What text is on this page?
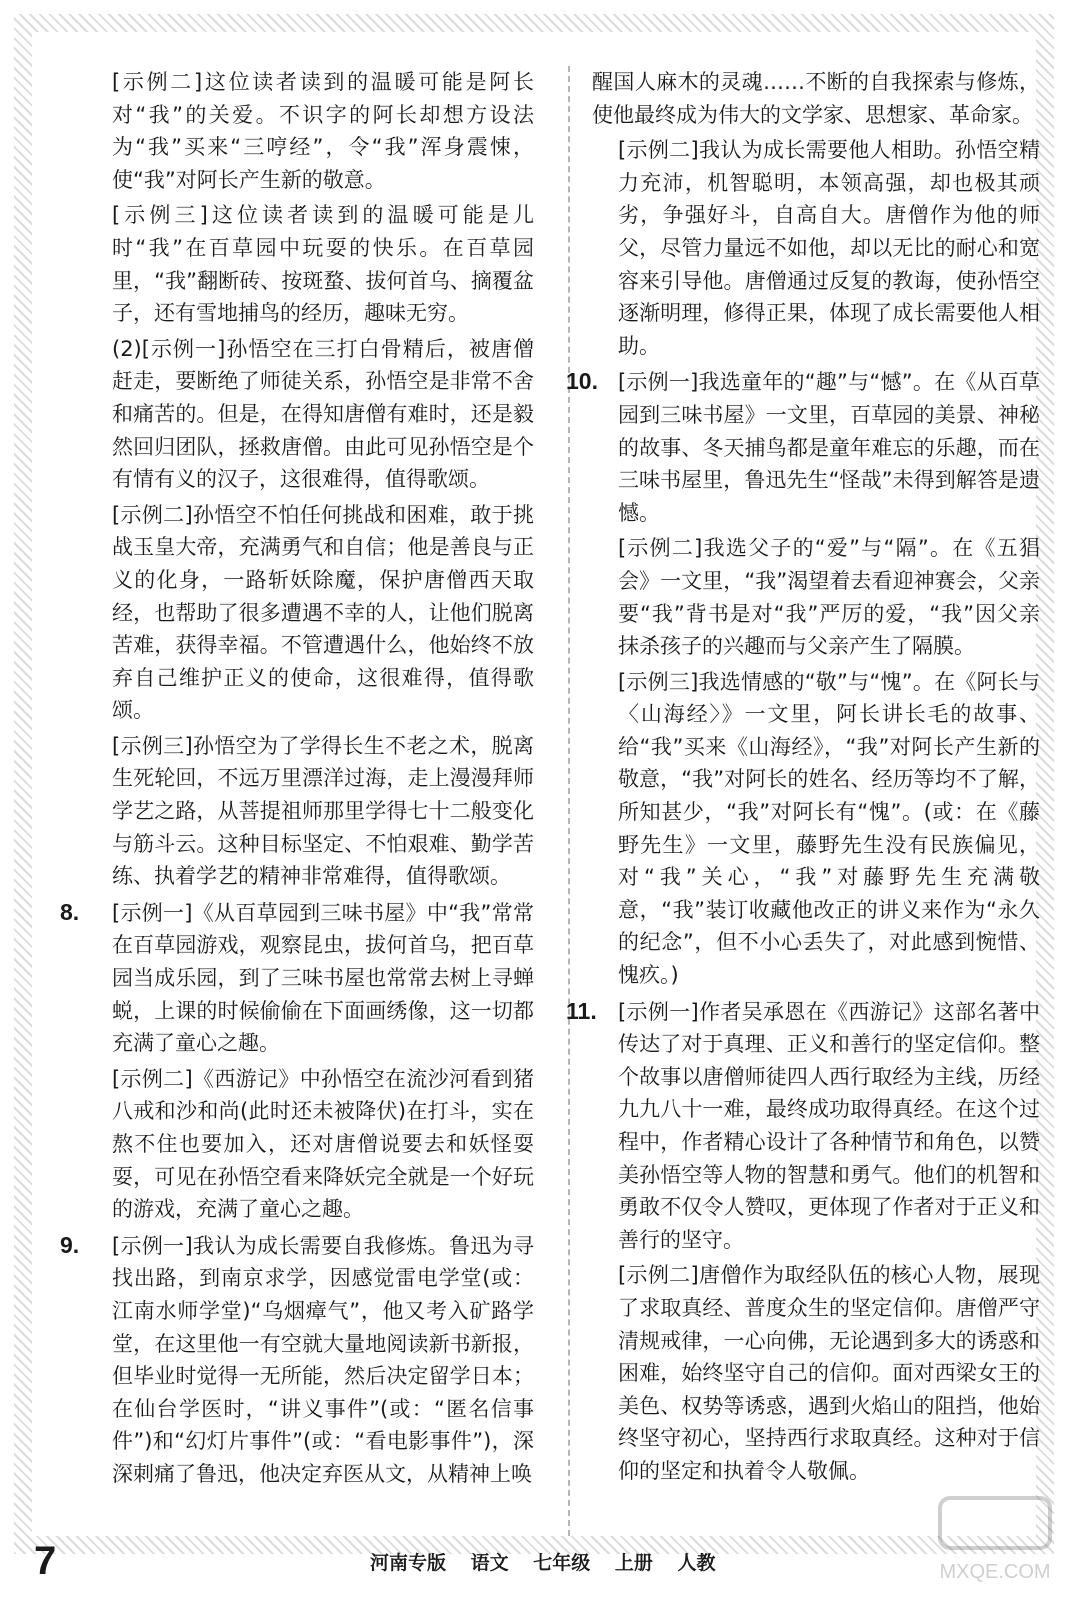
[示例二]这位读者读到的温暖可能是阿长对“我”的关爱。不识字的阿长却想方设法为“我”买来“三哼经”，令“我”浑身震悚，使“我”对阿长产生新的敬意。
[示例三]这位读者读到的温暖可能是儿时“我”在百草园中玩耍的快乐。在百草园里，“我”翻断砖、按斑蝥、拔何首乌、摘覆盆子，还有雪地捕鸟的经历，趣味无穷。
(2)[示例一]孙悟空在三打白骨精后，被唐僧赶走，要断绝了师徒关系，孙悟空是非常不舍和痛苦的。但是，在得知唐僧有难时，还是毅然回归团队，拯救唐僧。由此可见孙悟空是个有情有义的汉子，这很难得，值得歌颂。
[示例二]孙悟空不怕任何挑战和困难，敢于挑战玉皇大帝，充满勇气和自信；他是善良与正义的化身，一路斩妖除魔，保护唐僧西天取经，也帮助了很多遭遇不幸的人，让他们脱离苦难，获得幸福。不管遭遇什么，他始终不放弃自己维护正义的使命，这很难得，值得歌颂。
[示例三]孙悟空为了学得长生不老之术，脱离生死轮回，不远万里漂洋过海，走上漫漫拜师学艺之路，从菩提祖师那里学得七十二般变化与筋斗云。这种目标坚定、不怕艰难、勤学苦练、执着学艺的精神非常难得，值得歌颂。
8. [示例一]《从百草园到三味书屋》中“我”常常在百草园游戏，观察昆虫，拔何首乌，把百草园当成乐园，到了三味书屋也常常去树上寻蝉蜕，上课的时候偷偷在下面画绣像，这一切都充满了童心之趣。
[示例二]《西游记》中孙悟空在流沙河看到猪八戒和沙和尚(此时还未被降伏)在打斗，实在熬不住也要加入，还对唐僧说要去和妖怪耍耍，可见在孙悟空看来降妖完全就是一个好玩的游戏，充满了童心之趣。
9. [示例一]我认为成长需要自我修炼。鲁迅为寻找出路，到南京求学，因感觉雷电学堂(或：江南水师学堂)“乌烟瘴气”，他又考入矿路学堂，在这里他一有空就大量地阅读新书新报，但毕业时觉得一无所能，然后决定留学日本；在仙台学医时，“讲义事件”(或：“匿名信事件”)和“幻灯片事件”(或：“看电影事件”)，深深刺痛了鲁迅，他决定弃医从文，从精神上唤
醒国人麻木的灵魂……不断的自我探索与修炼，使他最终成为伟大的文学家、思想家、革命家。
[示例二]我认为成长需要他人相助。孙悟空精力充沛，机智聪明，本领高强，却也极其顽劣，争强好斗，自高自大。唐僧作为他的师父，尽管力量远不如他，却以无比的耐心和宽容来引导他。唐僧通过反复的教诲，使孙悟空逐渐明理，修得正果，体现了成长需要他人相助。
10. [示例一]我选童年的“趣”与“憾”。在《从百草园到三味书屋》一文里，百草园的美景、神秘的故事、冬天捕鸟都是童年难忘的乐趣，而在三味书屋里，鲁迅先生“怪哉”未得到解答是遗憾。
[示例二]我选父子的“爱”与“隔”。在《五猖会》一文里，“我”渴望着去看迎神赛会，父亲要“我”背书是对“我”严厉的爱，“我”因父亲抹杀孩子的兴趣而与父亲产生了隔膜。
[示例三]我选情感的“敬”与“愧”。在《阿长与〈山海经〉》一文里，阿长讲长毛的故事、给“我”买来《山海经》，“我”对阿长产生新的敬意，“我”对阿长的姓名、经历等均不了解，所知甚少，“我”对阿长有“愧”。(或：在《藤野先生》一文里，藤野先生没有民族偏见，对“我”关心，“我”对藤野先生充满敬意，“我”装订收藏他改正的讲义来作为“永久的纪念”，但不小心丢失了，对此感到惋惜、愧疚。)
11. [示例一]作者吴承恩在《西游记》这部名著中传达了对于真理、正义和善行的坚定信仰。整个故事以唐僧师徒四人西行取经为主线，历经九九八十一难，最终成功取得真经。在这个过程中，作者精心设计了各种情节和角色，以赞美孙悟空等人物的智慧和勇气。他们的机智和勇敢不仅令人赞叹，更体现了作者对于正义和善行的坚守。
[示例二]唐僧作为取经队伍的核心人物，展现了求取真经、普度众生的坚定信仰。唐僧严守清规戒律，一心向佛，无论遇到多大的诱惑和困难，始终坚守自己的信仰。面对西梁女王的美色、权势等诱惑，遇到火焰山的阻挡，他始终坚守初心，坚持西行求取真经。这种对于信仰的坚定和执着令人敬佩。
7	河南专版 语文 七年级 上册 人教	MXQE.COM
